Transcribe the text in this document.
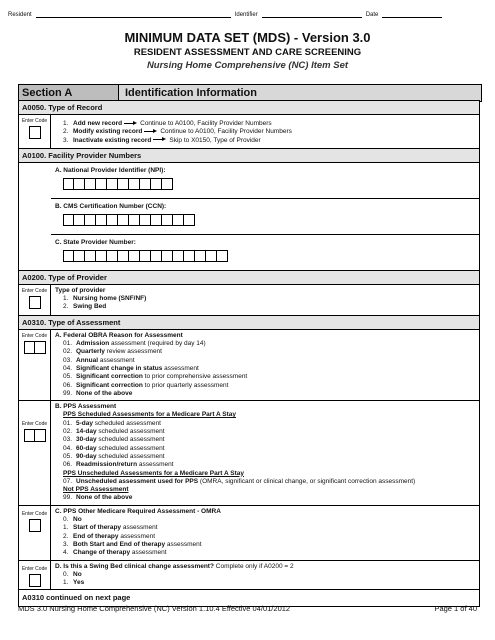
Resident	Identifier	Date
MINIMUM DATA SET (MDS) - Version 3.0
RESIDENT ASSESSMENT AND CARE SCREENING
Nursing Home Comprehensive (NC) Item Set
Section A	Identification Information
A0050. Type of Record
Enter Code	1. Add new record	Continue to A0100, Facility Provider Numbers
2. Modify existing record	Continue to A0100, Facility Provider Numbers
3. Inactivate existing record	Skip to X0150, Type of Provider
A0100. Facility Provider Numbers
A. National Provider Identifier (NPI):
B. CMS Certification Number (CCN):
C. State Provider Number:
A0200. Type of Provider
Enter Code	Type of provider
1. Nursing home (SNF/NF)
2. Swing Bed
A0310. Type of Assessment
Enter Code	A. Federal OBRA Reason for Assessment
01. Admission assessment (required by day 14)
02. Quarterly review assessment
03. Annual assessment
04. Significant change in status assessment
05. Significant correction to prior comprehensive assessment
06. Significant correction to prior quarterly assessment
99. None of the above
Enter Code
B. PPS Assessment
PPS Scheduled Assessments for a Medicare Part A Stay
01. 5-day scheduled assessment
02. 14-day scheduled assessment
03. 30-day scheduled assessment
04. 60-day scheduled assessment
05. 90-day scheduled assessment
06. Readmission/return assessment
PPS Unscheduled Assessments for a Medicare Part A Stay
07. Unscheduled assessment used for PPS (OMRA, significant or clinical change, or significant correction assessment)
Not PPS Assessment
99. None of the above
Enter Code	C. PPS Other Medicare Required Assessment - OMRA
0. No
1. Start of therapy assessment
2. End of therapy assessment
3. Both Start and End of therapy assessment
4. Change of therapy assessment
Enter Code	D. Is this a Swing Bed clinical change assessment? Complete only if A0200 = 2
0. No
1. Yes
A0310 continued on next page
MDS 3.0 Nursing Home Comprehensive (NC) Version 1.10.4 Effective 04/01/2012	Page 1 of 40
